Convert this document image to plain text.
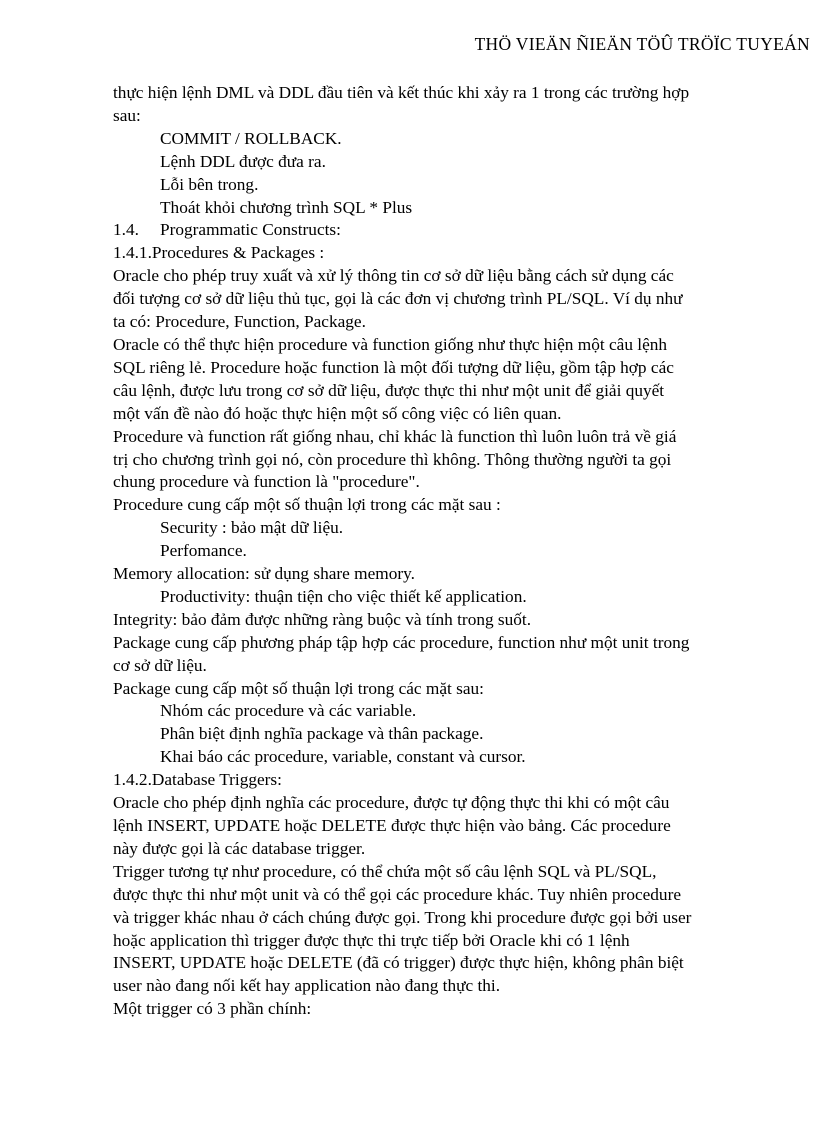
THÖ VIEÄN ÑIEÄN TÖÛ TRÖÏC TUYEÁN
thực hiện lệnh DML và DDL đầu tiên và kết thúc khi xảy ra 1 trong các trường hợp
sau:
COMMIT / ROLLBACK.
Lệnh DDL được đưa ra.
Lỗi bên trong.
Thoát khỏi chương trình SQL * Plus
1.4. Programmatic Constructs:
1.4.1.Procedures & Packages :
Oracle cho phép truy xuất và xử lý thông tin cơ sở dữ liệu bằng cách sử dụng các
đối tượng cơ sở dữ liệu thủ tục, gọi là các đơn vị chương trình PL/SQL. Ví dụ như
ta có: Procedure, Function, Package.
Oracle có thể thực hiện procedure và function giống như thực hiện một câu lệnh
SQL riêng lẻ. Procedure hoặc function là một đối tượng dữ liệu, gồm tập hợp các
câu lệnh, được lưu trong cơ sở dữ liệu, được thực thi như một unit để giải quyết
một vấn đề nào đó hoặc thực hiện một số công việc có liên quan.
Procedure và function rất giống nhau, chỉ khác là function thì luôn luôn trả về giá
trị cho chương trình gọi nó, còn procedure thì không. Thông thường người ta gọi
chung procedure và function là "procedure".
Procedure cung cấp một số thuận lợi trong các mặt sau :
Security : bảo mật dữ liệu.
Perfomance.
Memory allocation: sử dụng share memory.
Productivity: thuận tiện cho việc thiết kế application.
Integrity: bảo đảm được những ràng buộc và tính trong suốt.
Package cung cấp phương pháp tập hợp các procedure, function như một unit trong
cơ sở dữ liệu.
Package cung cấp một số thuận lợi trong các mặt sau:
Nhóm các procedure và các variable.
Phân biệt định nghĩa package và thân package.
Khai báo các procedure, variable, constant và cursor.
1.4.2.Database Triggers:
Oracle cho phép định nghĩa các procedure, được tự động thực thi khi có một câu
lệnh INSERT, UPDATE hoặc DELETE được thực hiện vào bảng. Các procedure
này được gọi là các database trigger.
Trigger tương tự như procedure, có thể chứa một số câu lệnh SQL và PL/SQL,
được thực thi như một unit và có thể gọi các procedure khác. Tuy nhiên procedure
và trigger khác nhau ở cách chúng được gọi. Trong khi procedure được gọi bởi user
hoặc application thì trigger được thực thi trực tiếp bởi Oracle khi có 1 lệnh
INSERT, UPDATE hoặc DELETE (đã có trigger) được thực hiện, không phân biệt
user nào đang nối kết hay application nào đang thực thi.
Một trigger có 3 phần chính:
